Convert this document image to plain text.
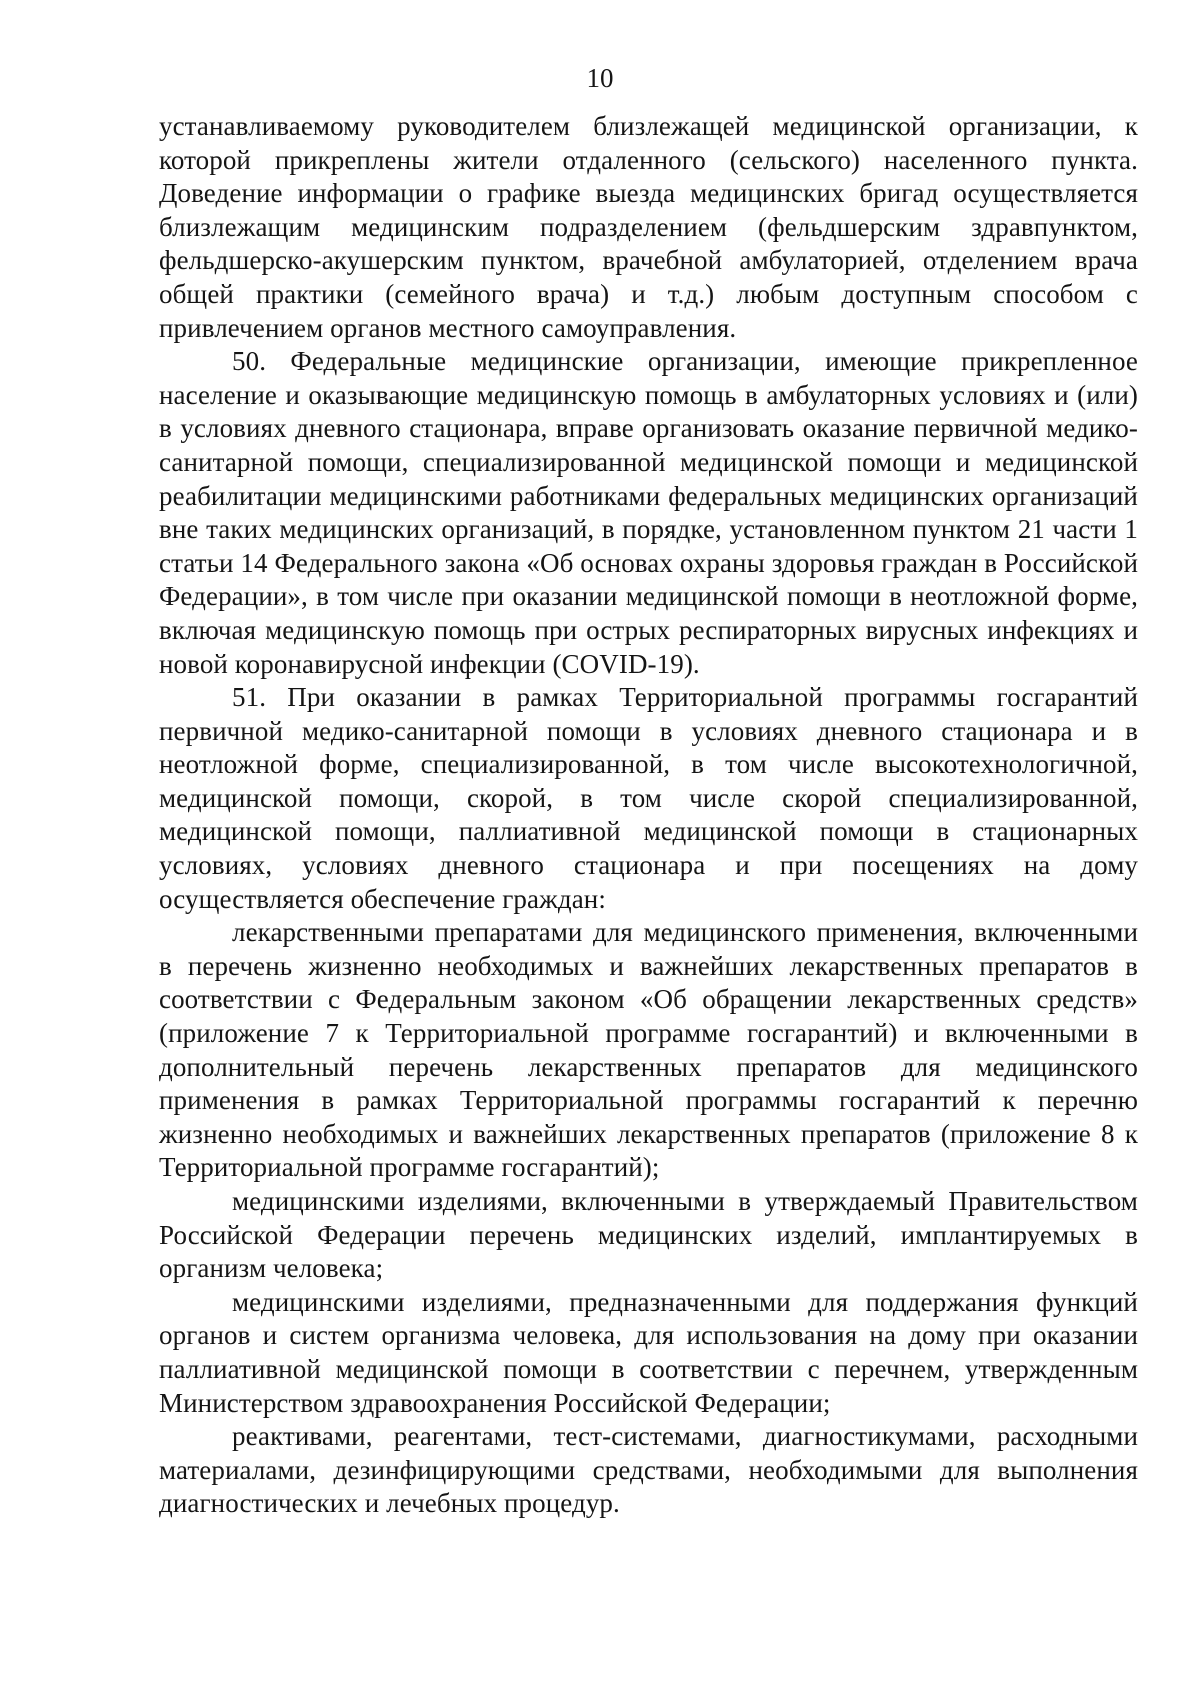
10

устанавливаемому руководителем близлежащей медицинской организации, к которой прикреплены жители отдаленного (сельского) населенного пункта. Доведение информации о графике выезда медицинских бригад осуществляется близлежащим медицинским подразделением (фельдшерским здравпунктом, фельдшерско-акушерским пунктом, врачебной амбулаторией, отделением врача общей практики (семейного врача) и т.д.) любым доступным способом с привлечением органов местного самоуправления.

50. Федеральные медицинские организации, имеющие прикрепленное население и оказывающие медицинскую помощь в амбулаторных условиях и (или) в условиях дневного стационара, вправе организовать оказание первичной медико-санитарной помощи, специализированной медицинской помощи и медицинской реабилитации медицинскими работниками федеральных медицинских организаций вне таких медицинских организаций, в порядке, установленном пунктом 21 части 1 статьи 14 Федерального закона «Об основах охраны здоровья граждан в Российской Федерации», в том числе при оказании медицинской помощи в неотложной форме, включая медицинскую помощь при острых респираторных вирусных инфекциях и новой коронавирусной инфекции (COVID-19).

51. При оказании в рамках Территориальной программы госгарантий первичной медико-санитарной помощи в условиях дневного стационара и в неотложной форме, специализированной, в том числе высокотехнологичной, медицинской помощи, скорой, в том числе скорой специализированной, медицинской помощи, паллиативной медицинской помощи в стационарных условиях, условиях дневного стационара и при посещениях на дому осуществляется обеспечение граждан:

лекарственными препаратами для медицинского применения, включенными в перечень жизненно необходимых и важнейших лекарственных препаратов в соответствии с Федеральным законом «Об обращении лекарственных средств» (приложение 7 к Территориальной программе госгарантий) и включенными в дополнительный перечень лекарственных препаратов для медицинского применения в рамках Территориальной программы госгарантий к перечню жизненно необходимых и важнейших лекарственных препаратов (приложение 8 к Территориальной программе госгарантий);

медицинскими изделиями, включенными в утверждаемый Правительством Российской Федерации перечень медицинских изделий, имплантируемых в организм человека;

медицинскими изделиями, предназначенными для поддержания функций органов и систем организма человека, для использования на дому при оказании паллиативной медицинской помощи в соответствии с перечнем, утвержденным Министерством здравоохранения Российской Федерации;

реактивами, реагентами, тест-системами, диагностикумами, расходными материалами, дезинфицирующими средствами, необходимыми для выполнения диагностических и лечебных процедур.
